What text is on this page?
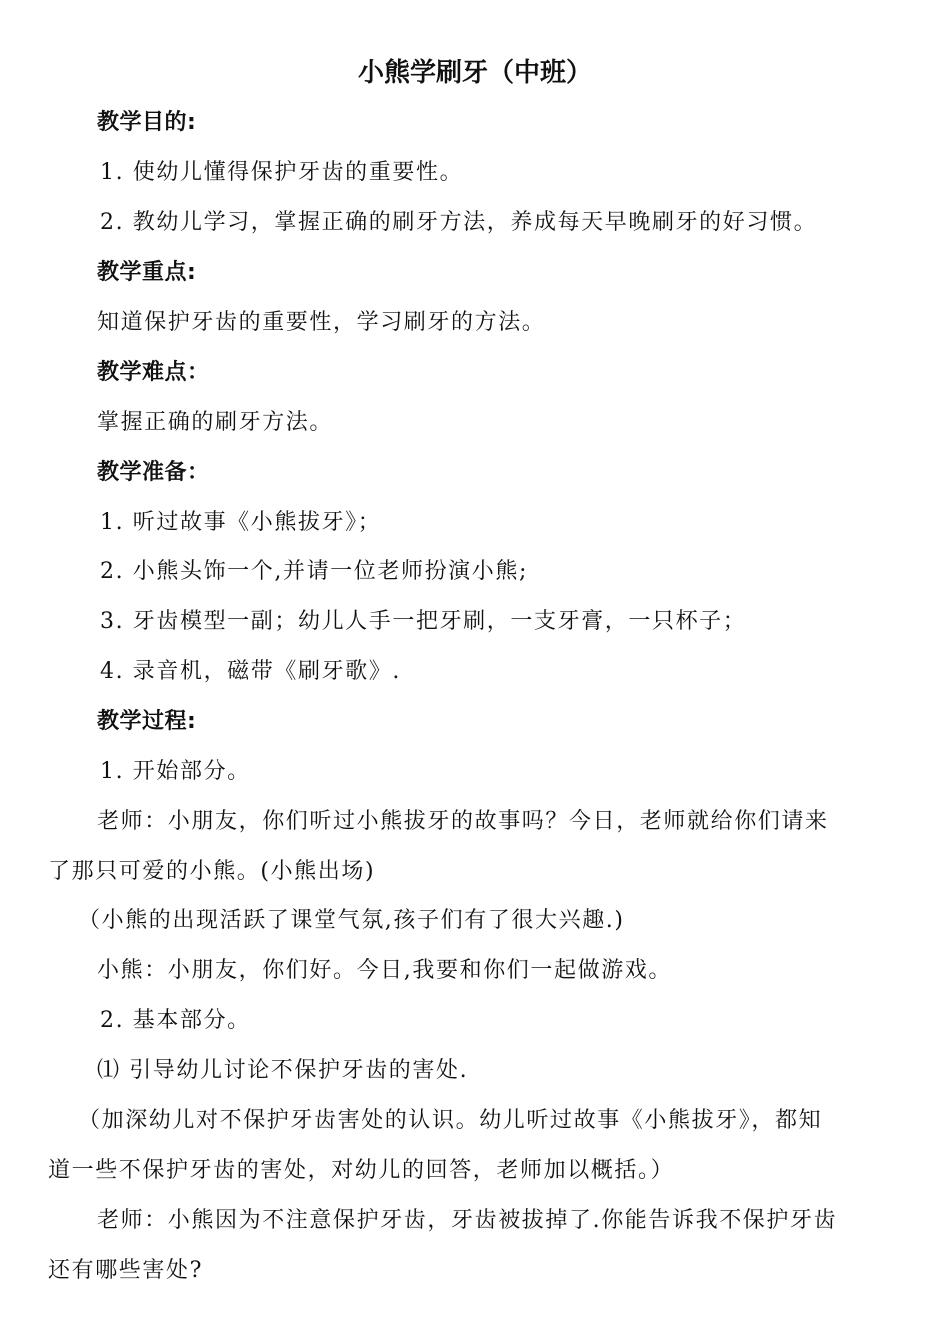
小熊学刷牙（中班）
教学目的:
1. 使幼儿懂得保护牙齿的重要性。
2. 教幼儿学习，掌握正确的刷牙方法，养成每天早晚刷牙的好习惯。
教学重点:
知道保护牙齿的重要性，学习刷牙的方法。
教学难点：
掌握正确的刷牙方法。
教学准备：
1. 听过故事《小熊拔牙》；
2. 小熊头饰一个,并请一位老师扮演小熊;
3. 牙齿模型一副；幼儿人手一把牙刷，一支牙膏，一只杯子；
4. 录音机，磁带《刷牙歌》.
教学过程:
1. 开始部分。
老师：小朋友，你们听过小熊拔牙的故事吗？今日，老师就给你们请来
了那只可爱的小熊。(小熊出场)
（小熊的出现活跃了课堂气氛,孩子们有了很大兴趣.)
小熊：小朋友，你们好。今日,我要和你们一起做游戏。
2. 基本部分。
⑴ 引导幼儿讨论不保护牙齿的害处.
（加深幼儿对不保护牙齿害处的认识。幼儿听过故事《小熊拔牙》，都知
道一些不保护牙齿的害处，对幼儿的回答，老师加以概括。）
老师：小熊因为不注意保护牙齿，牙齿被拔掉了.你能告诉我不保护牙齿
还有哪些害处?
